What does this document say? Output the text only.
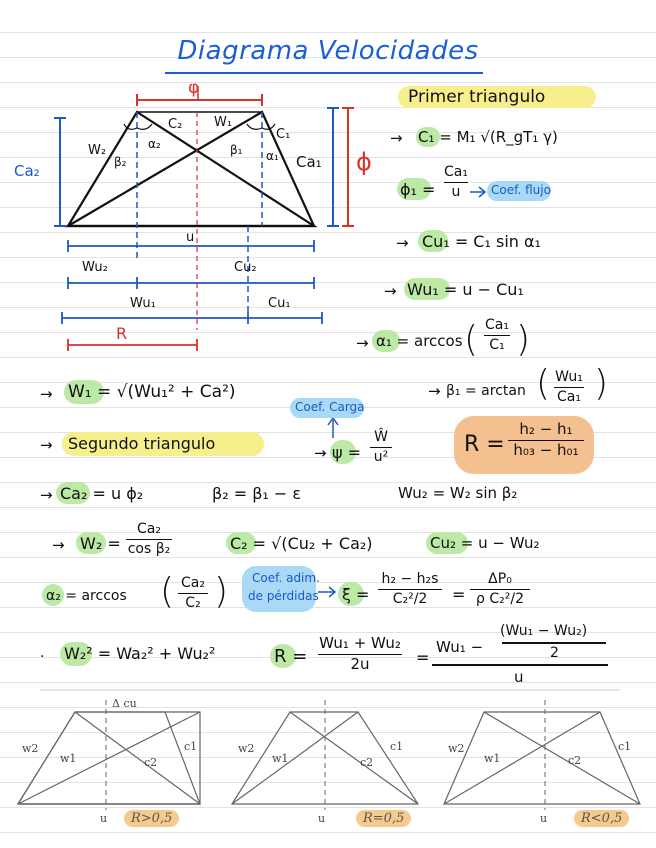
Diagrama Velocidades
φ
ϕ
Ca₂	Ca₁
W₂
β₂
α₂
C₂ W₁
β₁
C₁
α₁
u
Wu₂	Cu₂
Wu₁	Cu₁
R
Primer triangulo
→ C₁ = M₁ √(R_gT₁ γ)
ϕ₁ =
Ca₁
u	Coef. flujo
→ Cu₁ = C₁ sin α₁
→ Wu₁ = u − Cu₁
→ α₁ = arccos ( Ca₁
C₁ )
→ W₁ = √(Wu₁² + Ca²)	→ β₁ = arctan ( Wu₁
Ca₁ )
Coef. Carga
→ Segundo triangulo	→ ψ =
Ŵ
u²
R =
h₂ − h₁
h₀₃ − h₀₁
→ Ca₂ = u ϕ₂	β₂ = β₁ − ε	Wu₂ = W₂ sin β₂
→ W₂ =
Ca₂
cos β₂	C₂ = √(Cu₂ + Ca₂)	Cu₂ = u − Wu₂
α₂ = arccos ( Ca₂
C₂ ) Coef. adim.
de pérdidas ξ =
h₂ − h₂s
C₂²/2 =
ΔP₀
ρ C₂²/2
· W₂² = Wa₂² + Wu₂²	R =
Wu₁ + Wu₂
2u	=
Wu₁ −
(Wu₁ − Wu₂)
2
u
Δ cu
w2
w1	c2
c1
u	R>0,5
w2
w1	c2
c1
u	R=0,5
w2
w1	c2
c1
u	R<0,5
